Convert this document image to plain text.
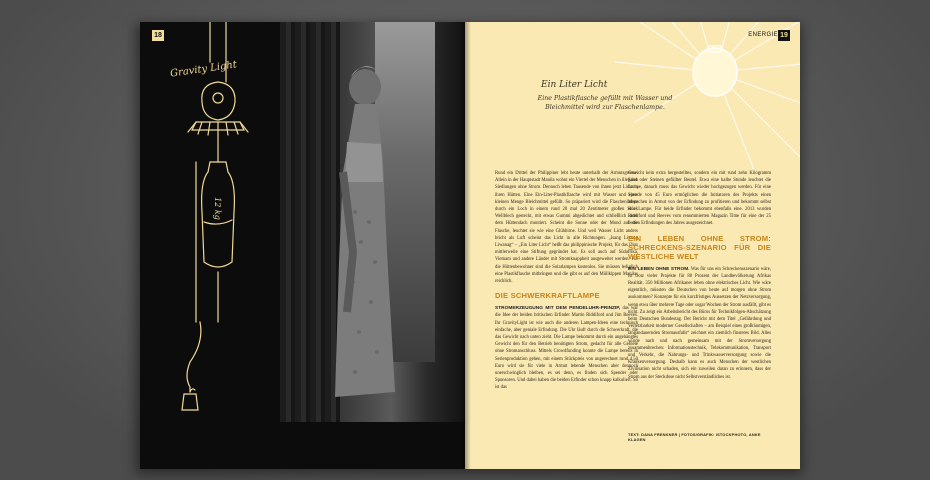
18
Gravity Light
12 kg
ENERGIE 19
Ein Liter Licht
Eine Plastikflasche gefüllt mit Wasser und Bleichmittel wird zur Flaschenlampe.

Rund ein Drittel der Philippiner lebt heute unterhalb der Armutsgrenze. Allein in der Hauptstadt Manila wohnt ein Viertel der Menschen in illegalen Siedlungen ohne Strom. Dennoch leben Tausende von ihnen jetzt Licht in ihren Hütten. Eine Ein-Liter-Plastikflasche wird mit Wasser und einer kleinen Menge Bleichmittel gefüllt. So präpariert wird die Flaschenlampe durch ein Loch in einem rund 20 mal 20 Zentimeter großen Stück Wellblech gesteckt, mit etwas Gummi abgedichtet und schließlich unter dem Hüttendach montiert. Scheint die Sonne oder der Mond auf die Flasche, leuchtet sie wie eine Glühbirne. Und weil Wasser Licht anders bricht als Luft scheint das Licht in alle Richtungen. „Isang Litrong Liwanag“ – „Ein Liter Licht“ heißt das philippinische Projekt, für das Diaz mittlerweile eine Stiftung gegründet hat. Es soll auch auf Südafrika, Vietnam und andere Länder mit Stromknappheit ausgeweitet werden. Für die Hüttenbewohner sind die Solarlampen kostenlos. Sie müssen lediglich eine Plastikflasche mitbringen und die gibt es auf den Müllkippen Manilas reichlich.

DIE SCHWERKRAFTLAMPE

STROMERZEUGUNG MIT DEM PENDELUHR-PRINZIP, das war die Idee der beiden britischen Erfinder Martin Riddiford und Jim Reeves. Ihr GravityLight ist wie auch die anderen Lampen-Ideen eine technisch einfache, aber geniale Erfindung. Die Uhr läuft durch die Schwerkraft, die das Gewicht nach unten zieht. Die Lampe bekommt durch ein angehängtes Gewicht den für den Betrieb benötigten Strom, gedacht für alle Gebiete ohne Stromanschluss. Mittels Crowdfunding konnte die Lampe bereits in Serienproduktion gehen, mit einem Stückpreis von ungerechnet rund 4,50 Euro wird sie für viele in Armut lebende Menschen aber dennoch unerschwinglich bleiben, es sei denn, es finden sich Spender oder Sponsoren. Und dabei haben die beiden Erfinder schon knapp kalkuliert. So ist das

Gewicht kein extra hergestelltes, sondern ein mit rund zehn Kilogramm Sand oder Steinen gefüllter Beutel. Etwa eine halbe Stunde leuchtet die Lampe, danach muss das Gewicht wieder hochgezogen werden. Für eine Spende von 45 Euro ermöglichen die Initiatoren des Projekts einen Menschen in Armut von der Erfindung zu profitieren und bekommt selbst eine Lampe. Für beide Erfinder bekommt ebenfalls eine. 2013 wurden Riddiford und Reeves vom renommierten Magazin Time für eine der 25 besten Erfindungen des Jahres ausgezeichnet.

EIN LEBEN OHNE STROM: SCHRECKENS-SZENARIO FÜR DIE WESTLICHE WELT

EIN LEBEN OHNE STROM. Was für uns ein Schreckensszenario wäre, ist trotz vieler Projekte für 80 Prozent der Landbevölkerung Afrikas Realität. 350 Millionen Afrikaner leben ohne elektrisches Licht. Wie wäre eigentlich, müssten die Deutschen von heute auf morgen ohne Strom auskommen? Konzepte für ein kurzfristiges Aussetzen der Netzversorgung, wenn etwa über mehrere Tage oder sogar Wochen der Strom ausfällt, gibt es nicht. Zu zeigt ein Arbeitsbericht des Büros für Technikfolgen-Abschätzung beim Deutschen Bundestag. Der Bericht mit dem Titel „Gefährdung und Verletzbarkeit moderner Gesellschaften – am Beispiel eines großräumigen, langandauernden Stromausfalls“ zeichnet ein ziemlich finsteres Bild. Alles würde nach und nach gemeinsam mit der Stromversorgung zusammenbrechen: Informationstechnik, Telekommunikation, Transport und Verkehr, die Nahrungs- und Trinkwasserversorgung sowie die Krankenversorgung. Deshalb kann es auch Menschen der westlichen Zivilisation nicht schaden, sich ein zuweilen daran zu erinnern, dass der Strom aus der Steckdose nicht Selbstverständliches ist.

TEXT: DANA FRENKNER | FOTOS/GRAFIK: ISTOCKPHOTO, ANKE KLAGEN
